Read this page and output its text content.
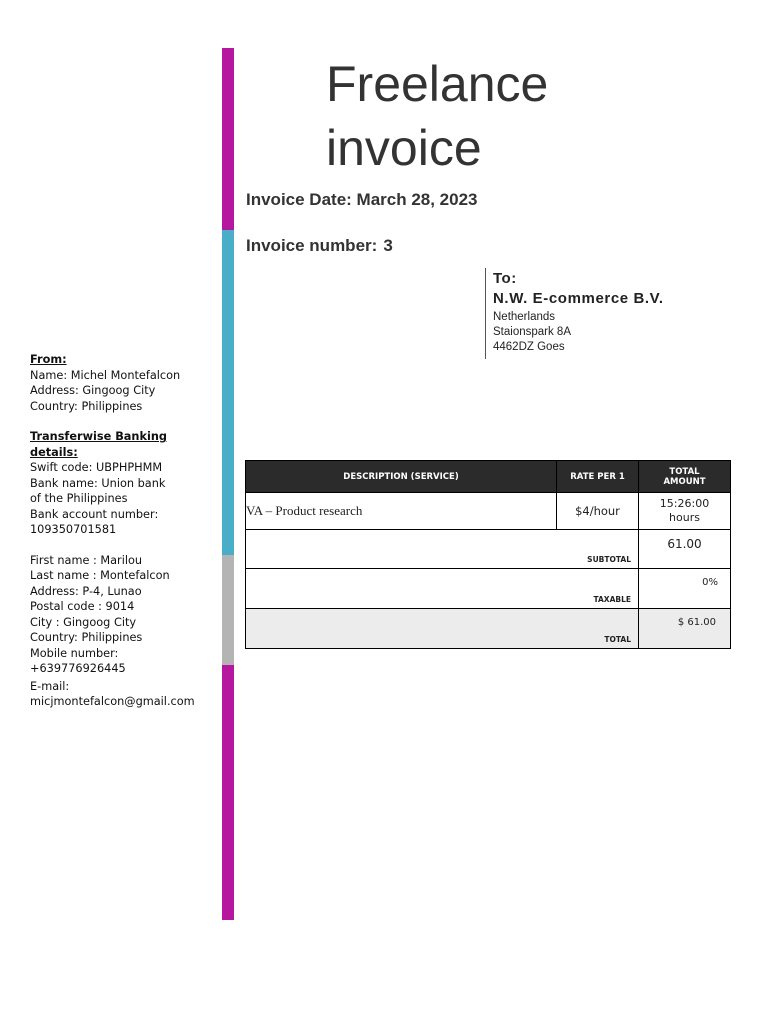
Freelance
invoice
Invoice Date: March 28, 2023
Invoice number: 3
To:
N.W. E-commerce B.V.
Netherlands
Staionspark 8A
4462DZ Goes
From:
Name: Michel Montefalcon
Address: Gingoog City
Country: Philippines
Transferwise Banking
details:
Swift code: UBPHPHMM
Bank name: Union bank
of the Philippines
Bank account number:
109350701581
First name : Marilou
Last name : Montefalcon
Address: P-4, Lunao
Postal code : 9014
City : Gingoog City
Country: Philippines
Mobile number:
+639776926445
E-mail:
micjmontefalcon@gmail.com
DESCRIPTION (SERVICE)	RATE PER 1	TOTAL
AMOUNT

VA – Product research	$4/hour	15:26:00
hours

SUBTOTAL		61.00
TAXABLE		0%
TOTAL		$ 61.00
